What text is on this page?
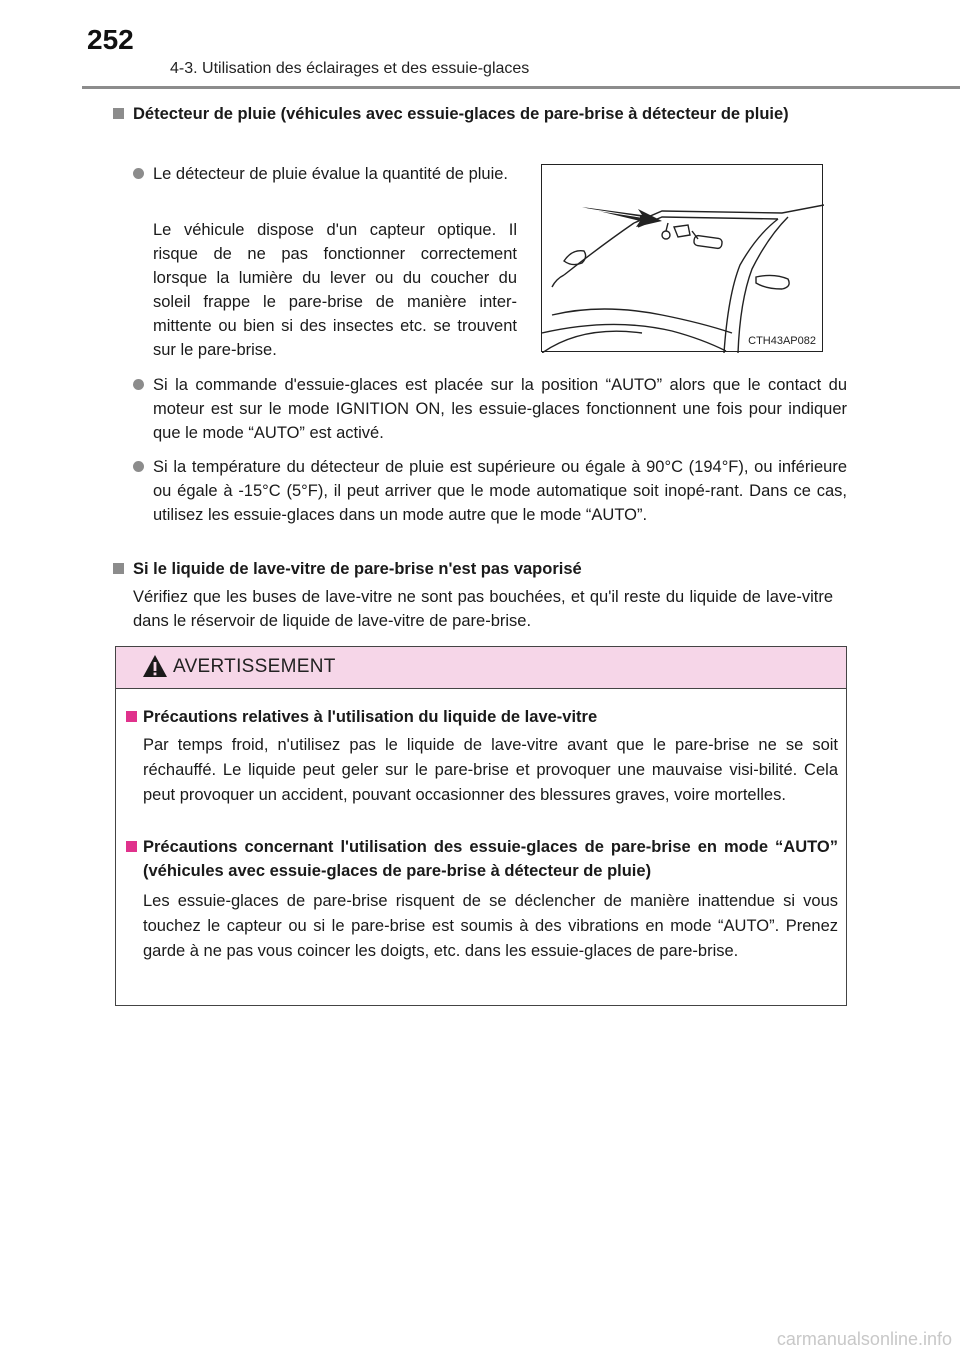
252
4-3. Utilisation des éclairages et des essuie-glaces
Détecteur de pluie (véhicules avec essuie-glaces de pare-brise à détecteur de pluie)
Le détecteur de pluie évalue la quantité de pluie.
Le véhicule dispose d'un capteur optique. Il risque de ne pas fonctionner correctement lorsque la lumière du lever ou du coucher du soleil frappe le pare-brise de manière inter-mittente ou bien si des insectes etc. se trouvent sur le pare-brise.	CTH43AP082
Si la commande d'essuie-glaces est placée sur la position “AUTO” alors que le contact du moteur est sur le mode IGNITION ON, les essuie-glaces fonctionnent une fois pour indiquer que le mode “AUTO” est activé.
Si la température du détecteur de pluie est supérieure ou égale à 90°C (194°F), ou inférieure ou égale à -15°C (5°F), il peut arriver que le mode automatique soit inopé-rant. Dans ce cas, utilisez les essuie-glaces dans un mode autre que le mode “AUTO”.
Si le liquide de lave-vitre de pare-brise n'est pas vaporisé
Vérifiez que les buses de lave-vitre ne sont pas bouchées, et qu'il reste du liquide de lave-vitre dans le réservoir de liquide de lave-vitre de pare-brise.
AVERTISSEMENT
Précautions relatives à l'utilisation du liquide de lave-vitre
Par temps froid, n'utilisez pas le liquide de lave-vitre avant que le pare-brise ne se soit réchauffé. Le liquide peut geler sur le pare-brise et provoquer une mauvaise visi-bilité. Cela peut provoquer un accident, pouvant occasionner des blessures graves, voire mortelles.
Précautions concernant l'utilisation des essuie-glaces de pare-brise en mode “AUTO” (véhicules avec essuie-glaces de pare-brise à détecteur de pluie)
Les essuie-glaces de pare-brise risquent de se déclencher de manière inattendue si vous touchez le capteur ou si le pare-brise est soumis à des vibrations en mode “AUTO”. Prenez garde à ne pas vous coincer les doigts, etc. dans les essuie-glaces de pare-brise.
carmanualsonline.info
